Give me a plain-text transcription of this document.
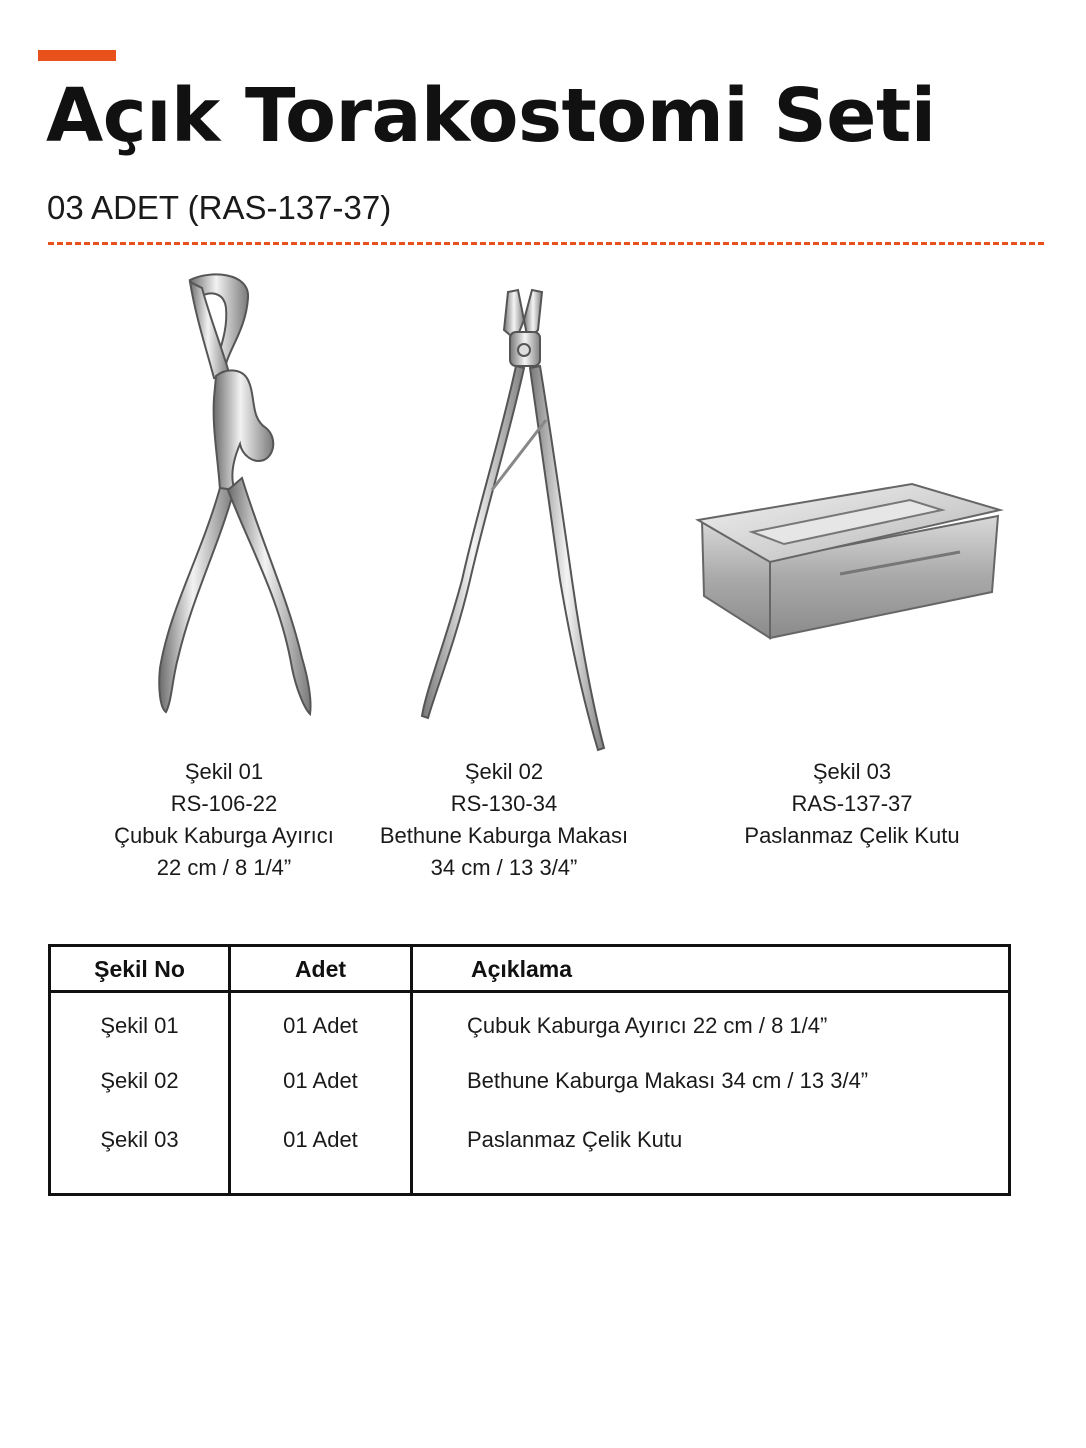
Açık Torakostomi Seti
03 ADET (RAS-137-37)
Şekil 01
RS-106-22
Çubuk Kaburga Ayırıcı
22 cm / 8 1/4”
Şekil 02
RS-130-34
Bethune Kaburga Makası
34 cm / 13 3/4”
Şekil 03
RAS-137-37
Paslanmaz Çelik Kutu
Şekil No	Adet	Açıklama
Şekil 01	01 Adet	Çubuk Kaburga Ayırıcı 22 cm / 8 1/4”
Şekil 02	01 Adet	Bethune Kaburga Makası 34 cm / 13 3/4”
Şekil 03	01 Adet	Paslanmaz Çelik Kutu
